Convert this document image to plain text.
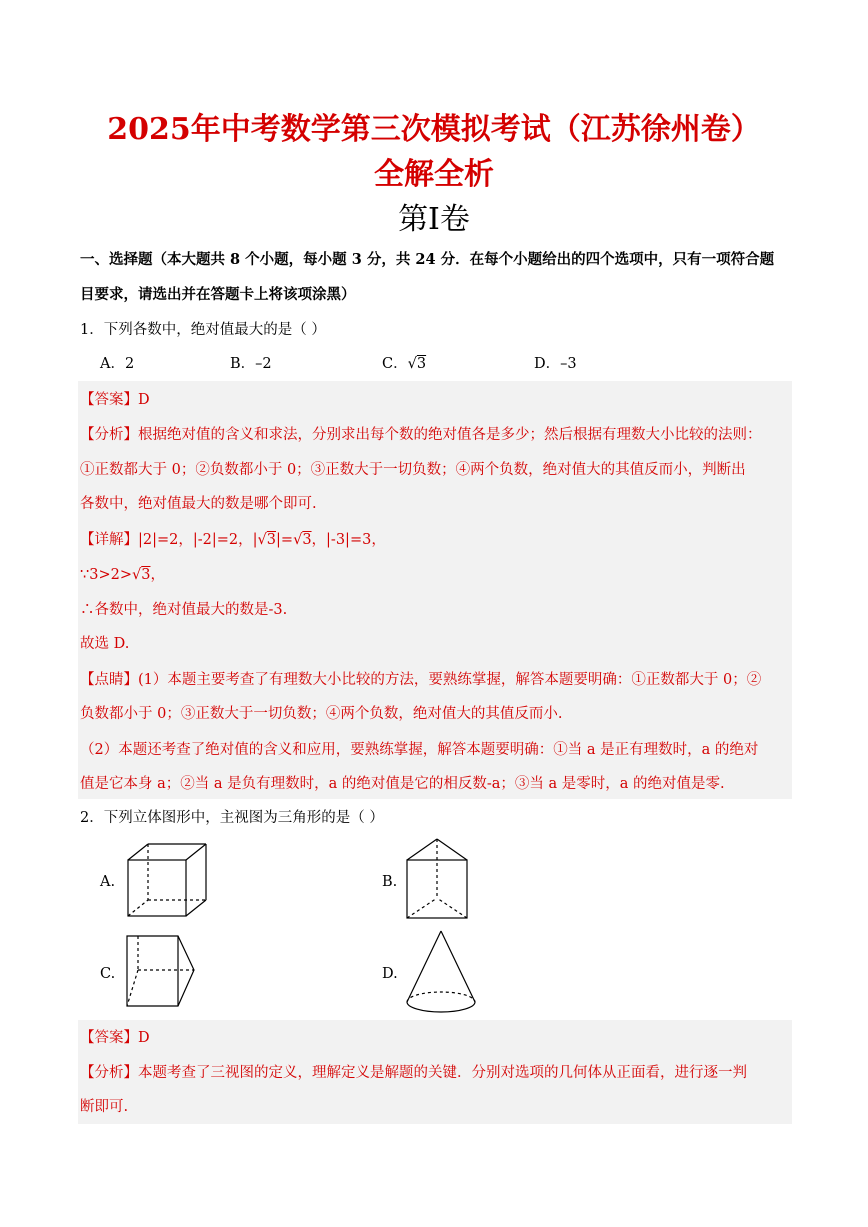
2025年中考数学第三次模拟考试（江苏徐州卷）
全解全析
第I卷
一、选择题（本大题共 8 个小题，每小题 3 分，共 24 分．在每个小题给出的四个选项中，只有一项符合题
目要求，请选出并在答题卡上将该项涂黑）
1．下列各数中，绝对值最大的是（ ）
A．2	B．–2	C．√3	D．–3
【答案】D
【分析】根据绝对值的含义和求法，分别求出每个数的绝对值各是多少；然后根据有理数大小比较的法则：
①正数都大于 0；②负数都小于 0；③正数大于一切负数；④两个负数，绝对值大的其值反而小，判断出
各数中，绝对值最大的数是哪个即可.
【详解】|2|=2，|-2|=2，|√3|=√3，|-3|=3，
∵3>2>√3，
∴各数中，绝对值最大的数是-3.
故选 D.
【点睛】(1）本题主要考查了有理数大小比较的方法，要熟练掌握，解答本题要明确：①正数都大于 0；②
负数都小于 0；③正数大于一切负数；④两个负数，绝对值大的其值反而小.
（2）本题还考查了绝对值的含义和应用，要熟练掌握，解答本题要明确：①当 a 是正有理数时，a 的绝对
值是它本身 a；②当 a 是负有理数时，a 的绝对值是它的相反数-a；③当 a 是零时，a 的绝对值是零.
2．下列立体图形中，主视图为三角形的是（ ）
A.	B.
C.	D.
【答案】D
【分析】本题考查了三视图的定义，理解定义是解题的关键．分别对选项的几何体从正面看，进行逐一判
断即可.
